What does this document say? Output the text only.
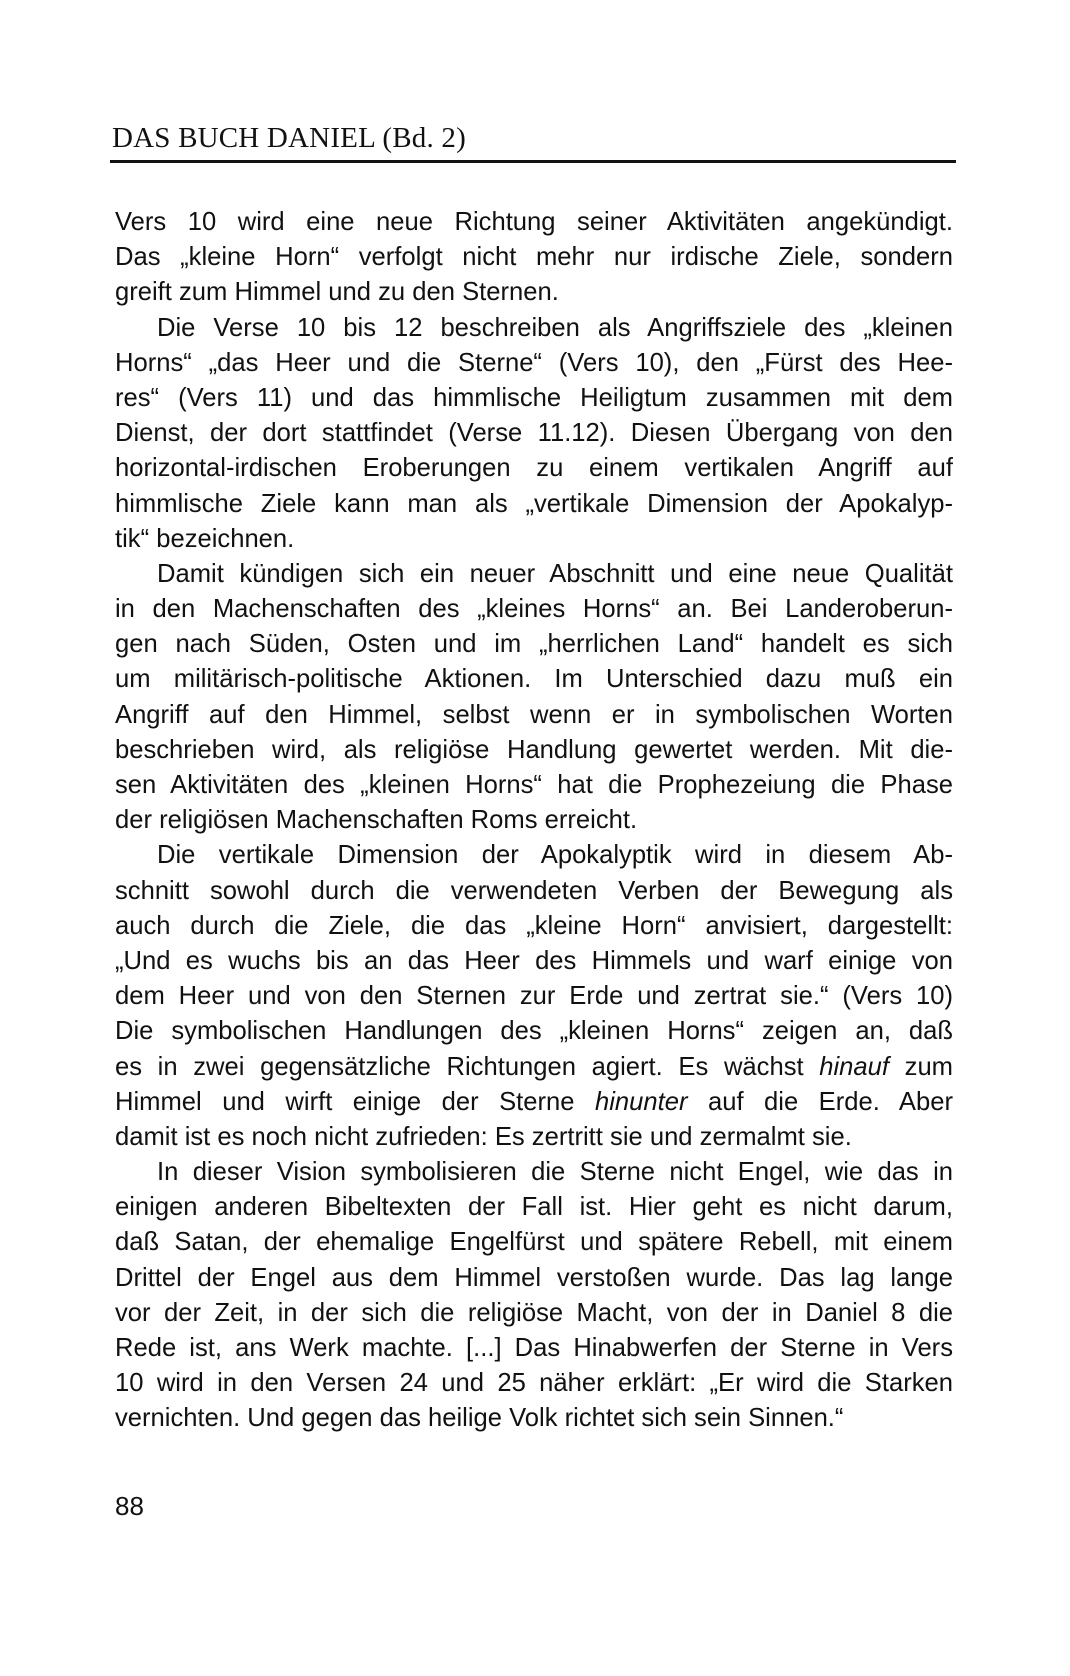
DAS BUCH DANIEL (Bd. 2)
Vers 10 wird eine neue Richtung seiner Aktivitäten angekündigt.
Das „kleine Horn“ verfolgt nicht mehr nur irdische Ziele, sondern
greift zum Himmel und zu den Sternen.
Die Verse 10 bis 12 beschreiben als Angriffsziele des „kleinen
Horns“ „das Heer und die Sterne“ (Vers 10), den „Fürst des Hee-
res“ (Vers 11) und das himmlische Heiligtum zusammen mit dem
Dienst, der dort stattfindet (Verse 11.12). Diesen Übergang von den
horizontal-irdischen Eroberungen zu einem vertikalen Angriff auf
himmlische Ziele kann man als „vertikale Dimension der Apokalyp-
tik“ bezeichnen.
Damit kündigen sich ein neuer Abschnitt und eine neue Qualität
in den Machenschaften des „kleines Horns“ an. Bei Landeroberun-
gen nach Süden, Osten und im „herrlichen Land“ handelt es sich
um militärisch-politische Aktionen. Im Unterschied dazu muß ein
Angriff auf den Himmel, selbst wenn er in symbolischen Worten
beschrieben wird, als religiöse Handlung gewertet werden. Mit die-
sen Aktivitäten des „kleinen Horns“ hat die Prophezeiung die Phase
der religiösen Machenschaften Roms erreicht.
Die vertikale Dimension der Apokalyptik wird in diesem Ab-
schnitt sowohl durch die verwendeten Verben der Bewegung als
auch durch die Ziele, die das „kleine Horn“ anvisiert, dargestellt:
„Und es wuchs bis an das Heer des Himmels und warf einige von
dem Heer und von den Sternen zur Erde und zertrat sie.“ (Vers 10)
Die symbolischen Handlungen des „kleinen Horns“ zeigen an, daß
es in zwei gegensätzliche Richtungen agiert. Es wächst hinauf zum
Himmel und wirft einige der Sterne hinunter auf die Erde. Aber
damit ist es noch nicht zufrieden: Es zertritt sie und zermalmt sie.
In dieser Vision symbolisieren die Sterne nicht Engel, wie das in
einigen anderen Bibeltexten der Fall ist. Hier geht es nicht darum,
daß Satan, der ehemalige Engelfürst und spätere Rebell, mit einem
Drittel der Engel aus dem Himmel verstoßen wurde. Das lag lange
vor der Zeit, in der sich die religiöse Macht, von der in Daniel 8 die
Rede ist, ans Werk machte. [...] Das Hinabwerfen der Sterne in Vers
10 wird in den Versen 24 und 25 näher erklärt: „Er wird die Starken
vernichten. Und gegen das heilige Volk richtet sich sein Sinnen.“
88
